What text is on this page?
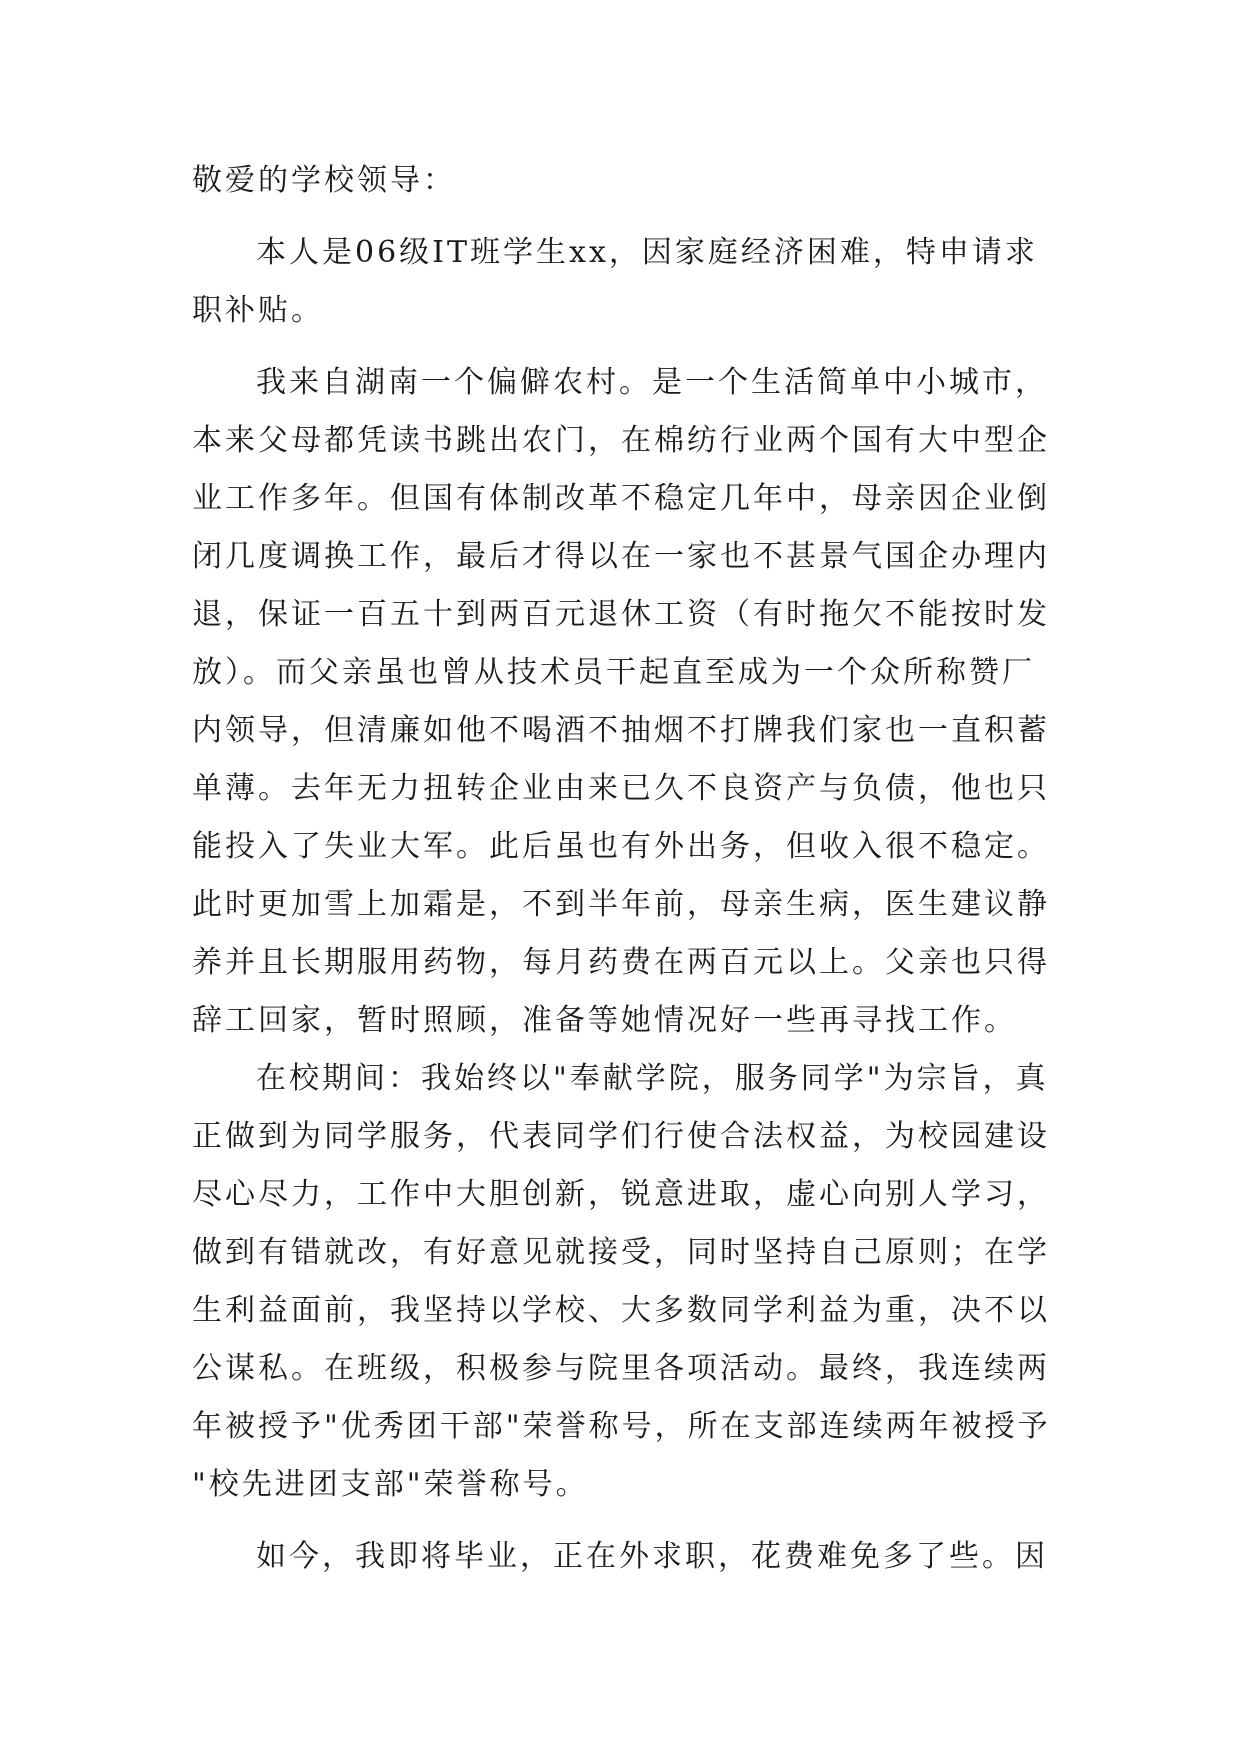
敬爱的学校领导：
本人是06级IT班学生xx，因家庭经济困难，特申请求
职补贴。
我来自湖南一个偏僻农村。是一个生活简单中小城市，
本来父母都凭读书跳出农门，在棉纺行业两个国有大中型企
业工作多年。但国有体制改革不稳定几年中，母亲因企业倒
闭几度调换工作，最后才得以在一家也不甚景气国企办理内
退，保证一百五十到两百元退休工资（有时拖欠不能按时发
放）。而父亲虽也曾从技术员干起直至成为一个众所称赞厂
内领导，但清廉如他不喝酒不抽烟不打牌我们家也一直积蓄
单薄。去年无力扭转企业由来已久不良资产与负债，他也只
能投入了失业大军。此后虽也有外出务，但收入很不稳定。
此时更加雪上加霜是，不到半年前，母亲生病，医生建议静
养并且长期服用药物，每月药费在两百元以上。父亲也只得
辞工回家，暂时照顾，准备等她情况好一些再寻找工作。
在校期间：我始终以"奉献学院，服务同学"为宗旨，真
正做到为同学服务，代表同学们行使合法权益，为校园建设
尽心尽力，工作中大胆创新，锐意进取，虚心向别人学习，
做到有错就改，有好意见就接受，同时坚持自己原则；在学
生利益面前，我坚持以学校、大多数同学利益为重，决不以
公谋私。在班级，积极参与院里各项活动。最终，我连续两
年被授予"优秀团干部"荣誉称号，所在支部连续两年被授予
"校先进团支部"荣誉称号。
如今，我即将毕业，正在外求职，花费难免多了些。因
